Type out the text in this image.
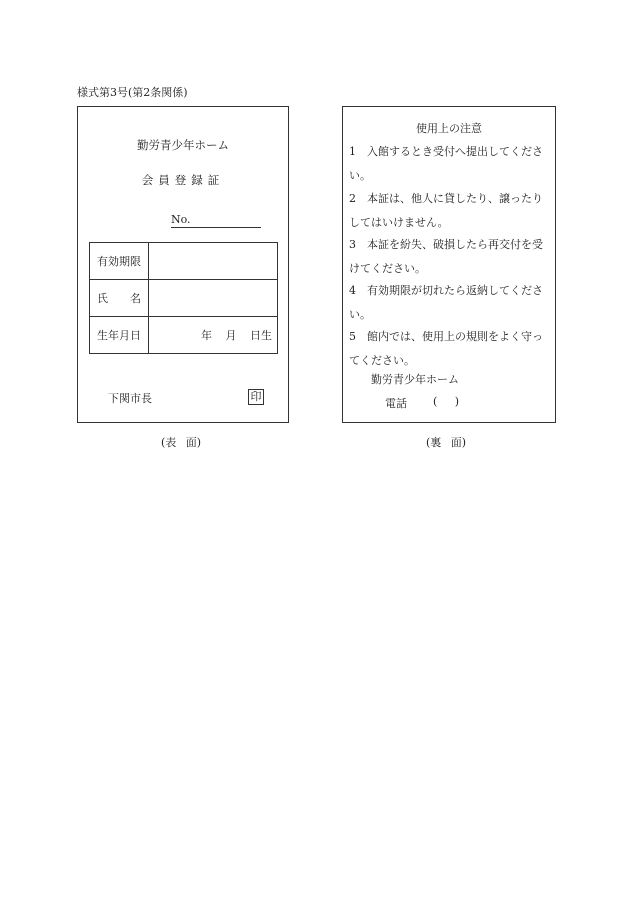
様式第3号(第2条関係)
勤労青少年ホーム
会員登録証
No.
有効期限	
氏　　名	
生年月日	年 月 日生
下関市長	印
使用上の注意
1 入館するとき受付へ提出してください。
2 本証は、他人に貸したり、譲ったりしてはいけません。
3 本証を紛失、破損したら再交付を受けてください。
4 有効期限が切れたら返納してください。
5 館内では、使用上の規則をよく守ってください。
勤労青少年ホーム
電話 ( )
(表 面)	(裏 面)
